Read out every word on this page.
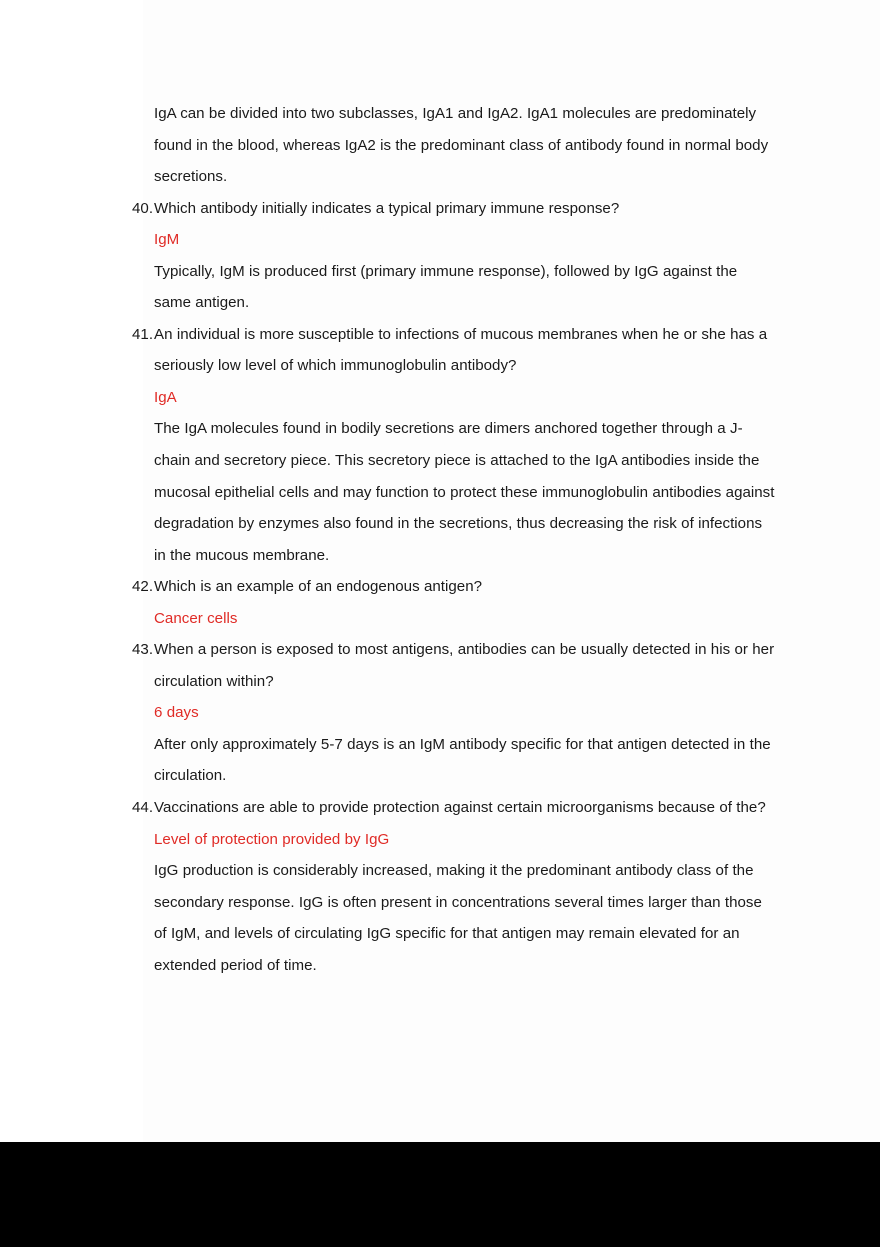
IgA can be divided into two subclasses, IgA1 and IgA2. IgA1 molecules are predominately found in the blood, whereas IgA2 is the predominant class of antibody found in normal body secretions.
40. Which antibody initially indicates a typical primary immune response?
IgM
Typically, IgM is produced first (primary immune response), followed by IgG against the same antigen.
41. An individual is more susceptible to infections of mucous membranes when he or she has a seriously low level of which immunoglobulin antibody?
IgA
The IgA molecules found in bodily secretions are dimers anchored together through a J-chain and secretory piece. This secretory piece is attached to the IgA antibodies inside the mucosal epithelial cells and may function to protect these immunoglobulin antibodies against degradation by enzymes also found in the secretions, thus decreasing the risk of infections in the mucous membrane.
42. Which is an example of an endogenous antigen?
Cancer cells
43. When a person is exposed to most antigens, antibodies can be usually detected in his or her circulation within?
6 days
After only approximately 5-7 days is an IgM antibody specific for that antigen detected in the circulation.
44. Vaccinations are able to provide protection against certain microorganisms because of the?
Level of protection provided by IgG
IgG production is considerably increased, making it the predominant antibody class of the secondary response. IgG is often present in concentrations several times larger than those of IgM, and levels of circulating IgG specific for that antigen may remain elevated for an extended period of time.
